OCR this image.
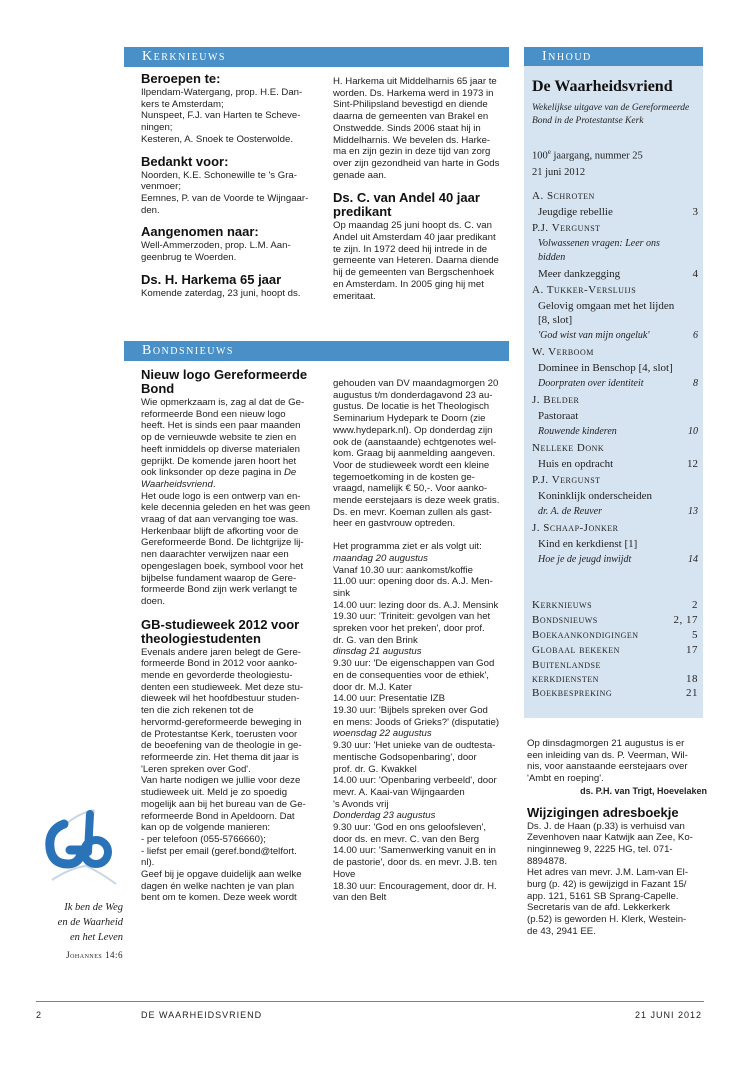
Kerknieuws
Bondsnieuws
Inhoud
Beroepen te:

Ilpendam-Watergang, prop. H.E. Dan-
kers te Amsterdam;
Nunspeet, F.J. van Harten te Scheve-
ningen;
Kesteren, A. Snoek te Oosterwolde.

Bedankt voor:

Noorden, K.E. Schonewille te 's Gra-
venmoer;
Eemnes, P. van de Voorde te Wijngaar-
den.

Aangenomen naar:

Well-Ammerzoden, prop. L.M. Aan-
geenbrug te Woerden.

Ds. H. Harkema 65 jaar

Komende zaterdag, 23 juni, hoopt ds.

H. Harkema uit Middelharnis 65 jaar te
worden. Ds. Harkema werd in 1973 in
Sint-Philipsland bevestigd en diende
daarna de gemeenten van Brakel en
Onstwedde. Sinds 2006 staat hij in
Middelharnis. We bevelen ds. Harke-
ma en zijn gezin in deze tijd van zorg
over zijn gezondheid van harte in Gods
genade aan.

Ds. C. van Andel 40 jaar
predikant

Op maandag 25 juni hoopt ds. C. van
Andel uit Amsterdam 40 jaar predikant
te zijn. In 1972 deed hij intrede in de
gemeente van Heteren. Daarna diende
hij de gemeenten van Bergschenhoek
en Amsterdam. In 2005 ging hij met
emeritaat.

Nieuw logo Gereformeerde
Bond

Wie opmerkzaam is, zag al dat de Ge-
reformeerde Bond een nieuw logo
heeft. Het is sinds een paar maanden
op de vernieuwde website te zien en
heeft inmiddels op diverse materialen
geprijkt. De komende jaren hoort het
ook linksonder op deze pagina in De
Waarheidsvriend.
Het oude logo is een ontwerp van en-
kele decennia geleden en het was geen
vraag of dat aan vervanging toe was.
Herkenbaar blijft de afkorting voor de
Gereformeerde Bond. De lichtgrijze lij-
nen daarachter verwijzen naar een
opengeslagen boek, symbool voor het
bijbelse fundament waarop de Gere-
formeerde Bond zijn werk verlangt te
doen.

GB-studieweek 2012 voor
theologiestudenten

Evenals andere jaren belegt de Gere-
formeerde Bond in 2012 voor aanko-
mende en gevorderde theologiestu-
denten een studieweek. Met deze stu-
dieweek wil het hoofdbestuur studen-
ten die zich rekenen tot de
hervormd-gereformeerde beweging in
de Protestantse Kerk, toerusten voor
de beoefening van de theologie in ge-
reformeerde zin. Het thema dit jaar is
'Leren spreken over God'.
Van harte nodigen we jullie voor deze
studieweek uit. Meld je zo spoedig
mogelijk aan bij het bureau van de Ge-
reformeerde Bond in Apeldoorn. Dat
kan op de volgende manieren:
- per telefoon (055-5766660);
- liefst per email (geref.bond@telfort.
nl).
Geef bij je opgave duidelijk aan welke
dagen én welke nachten je van plan
bent om te komen. Deze week wordt

gehouden van DV maandagmorgen 20
augustus t/m donderdagavond 23 au-
gustus. De locatie is het Theologisch
Seminarium Hydepark te Doorn (zie
www.hydepark.nl). Op donderdag zijn
ook de (aanstaande) echtgenotes wel-
kom. Graag bij aanmelding aangeven.
Voor de studieweek wordt een kleine
tegemoetkoming in de kosten ge-
vraagd, namelijk € 50,-. Voor aanko-
mende eerstejaars is deze week gratis.
Ds. en mevr. Koeman zullen als gast-
heer en gastvrouw optreden.

Het programma ziet er als volgt uit:

maandag 20 augustus

Vanaf 10.30 uur: aankomst/koffie
11.00 uur: opening door ds. A.J. Men-
sink
14.00 uur: lezing door ds. A.J. Mensink
19.30 uur: 'Triniteit: gevolgen van het
spreken voor het preken', door prof.
dr. G. van den Brink

dinsdag 21 augustus

9.30 uur: 'De eigenschappen van God
en de consequenties voor de ethiek',
door dr. M.J. Kater
14.00 uur: Presentatie IZB
19.30 uur: 'Bijbels spreken over God
en mens: Joods of Grieks?' (disputatie)

woensdag 22 augustus

9.30 uur: 'Het unieke van de oudtesta-
mentische Godsopenbaring', door
prof. dr. G. Kwakkel
14.00 uur: 'Openbaring verbeeld', door
mevr. A. Kaai-van Wijngaarden
's Avonds vrij

Donderdag 23 augustus

9.30 uur: 'God en ons geloofsleven',
door ds. en mevr. C. van den Berg
14.00 uur: 'Samenwerking vanuit en in
de pastorie', door ds. en mevr. J.B. ten
Hove
18.30 uur: Encouragement, door dr. H.
van den Belt

Ik ben de Weg
en de Waarheid
en het Leven
Johannes 14:6
De Waarheidsvriend
Wekelijkse uitgave van de Gereformeerde Bond in de Protestantse Kerk
100e jaargang, nummer 25
21 juni 2012
A. Schroten
Jeugdige rebellie	3
P.J. Vergunst
Volwassenen vragen: Leer ons bidden
Meer dankzegging	4
A. Tukker-Versluijs
Gelovig omgaan met het lijden [8, slot]
'God wist van mijn ongeluk'	6
W. Verboom
Dominee in Benschop [4, slot]
Doorpraten over identiteit	8
J. Belder
Pastoraat
Rouwende kinderen	10
Nelleke Donk
Huis en opdracht	12
P.J. Vergunst
Koninklijk onderscheiden
dr. A. de Reuver	13
J. Schaap-Jonker
Kind en kerkdienst [1]
Hoe je de jeugd inwijdt	14
Kerknieuws	2
Bondsnieuws	2, 17
Boekaankondigingen	5
Globaal bekeken	17
Buitenlandse
kerkdiensten	18
Boekbespreking	21

Op dinsdagmorgen 21 augustus is er
een inleiding van ds. P. Veerman, Wil-
nis, voor aanstaande eerstejaars over
'Ambt en roeping'.

ds. P.H. van Trigt, Hoevelaken

Wijzigingen adresboekje

Ds. J. de Haan (p.33) is verhuisd van
Zevenhoven naar Katwijk aan Zee, Ko-
ninginneweg 9, 2225 HG, tel. 071-
8894878.
Het adres van mevr. J.M. Lam-van El-
burg (p. 42) is gewijzigd in Fazant 15/
app. 121, 5161 SB Sprang-Capelle.
Secretaris van de afd. Lekkerkerk
(p.52) is geworden H. Klerk, Westein-
de 43, 2941 EE.

2	DE WAARHEIDSVRIEND	21 JUNI 2012
